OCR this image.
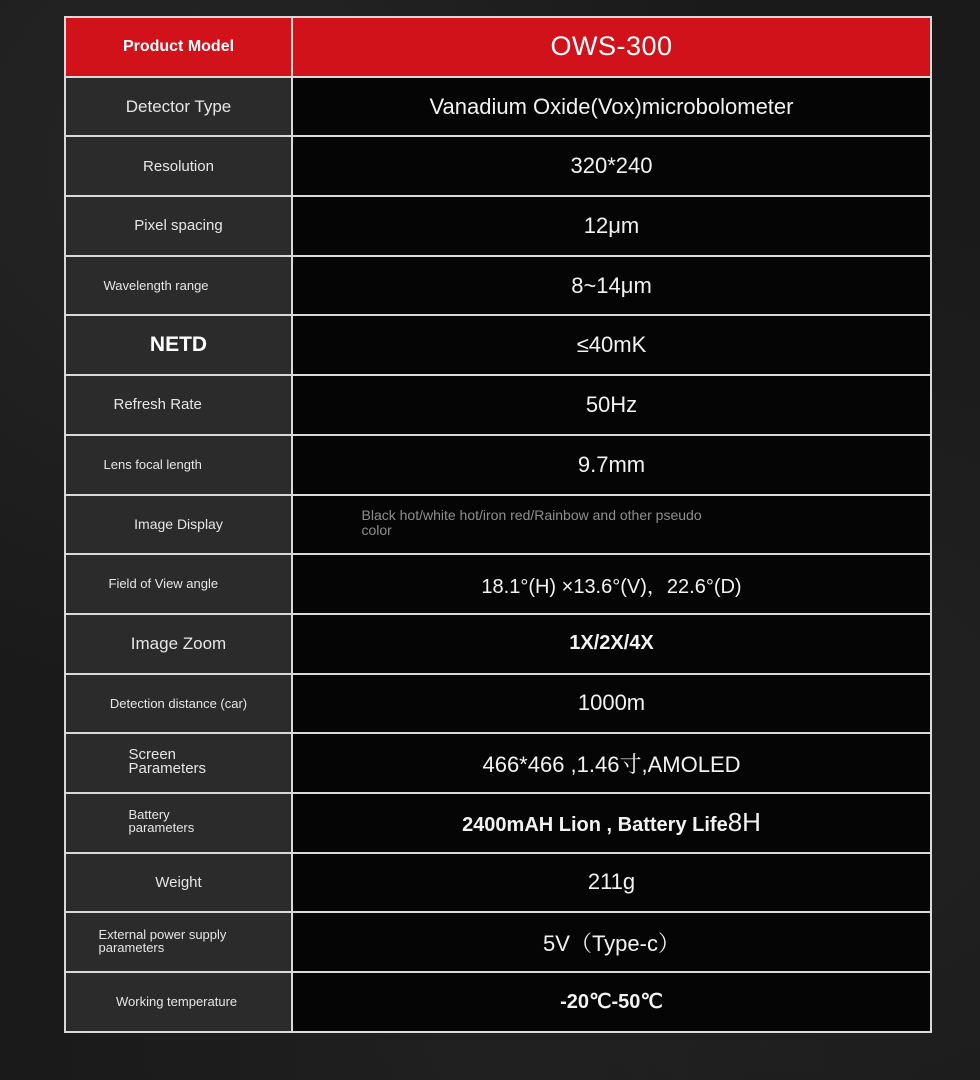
Product Model	OWS-300
Detector Type	Vanadium Oxide(Vox)microbolometer
Resolution	320*240
Pixel spacing	12μm
Wavelength range	8~14μm
NETD	≤40mK
Refresh Rate	50Hz
Lens focal length	9.7mm
Image Display	Black hot/white hot/iron red/Rainbow and other pseudo color
Field of View angle	18.1°(H) ×13.6°(V)，22.6°(D)
Image Zoom	1X/2X/4X
Detection distance (car)	1000m
Screen Parameters	466*466 ,1.46寸,AMOLED
Battery parameters	2400mAH Lion , Battery Life8H
Weight	211g
External power supply parameters	5V（Type-c）
Working temperature	-20℃-50℃
